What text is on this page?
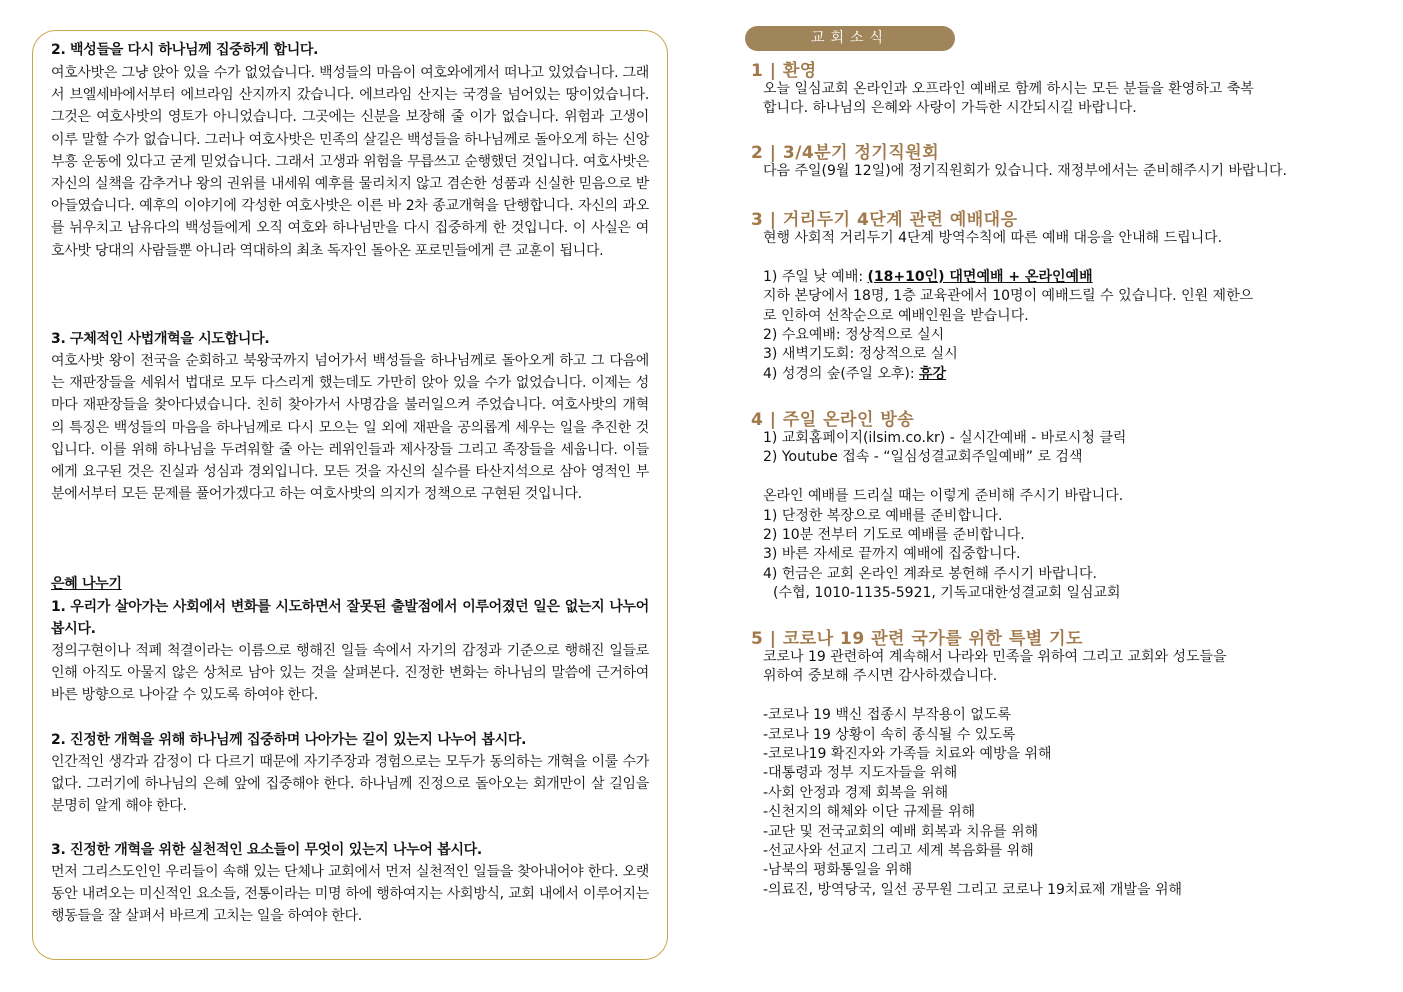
2. 백성들을 다시 하나님께 집중하게 합니다.

여호사밧은 그냥 앉아 있을 수가 없었습니다. 백성들의 마음이 여호와에게서 떠나고 있었습니다. 그래서 브엘세바에서부터 에브라임 산지까지 갔습니다. 에브라임 산지는 국경을 넘어있는 땅이었습니다. 그것은 여호사밧의 영토가 아니었습니다. 그곳에는 신분을 보장해 줄 이가 없습니다. 위험과 고생이 이루 말할 수가 없습니다. 그러나 여호사밧은 민족의 살길은 백성들을 하나님께로 돌아오게 하는 신앙 부흥 운동에 있다고 굳게 믿었습니다. 그래서 고생과 위험을 무릅쓰고 순행했던 것입니다. 여호사밧은 자신의 실책을 감추거나 왕의 권위를 내세워 예후를 물리치지 않고 겸손한 성품과 신실한 믿음으로 받아들였습니다. 예후의 이야기에 각성한 여호사밧은 이른 바 2차 종교개혁을 단행합니다. 자신의 과오를 뉘우치고 남유다의 백성들에게 오직 여호와 하나님만을 다시 집중하게 한 것입니다. 이 사실은 여호사밧 당대의 사람들뿐 아니라 역대하의 최초 독자인 돌아온 포로민들에게 큰 교훈이 됩니다.

3. 구체적인 사법개혁을 시도합니다.

여호사밧 왕이 전국을 순회하고 북왕국까지 넘어가서 백성들을 하나님께로 돌아오게 하고 그 다음에는 재판장들을 세워서 법대로 모두 다스리게 했는데도 가만히 앉아 있을 수가 없었습니다. 이제는 성마다 재판장들을 찾아다녔습니다. 친히 찾아가서 사명감을 불러일으켜 주었습니다. 여호사밧의 개혁의 특징은 백성들의 마음을 하나님께로 다시 모으는 일 외에 재판을 공의롭게 세우는 일을 추진한 것입니다. 이를 위해 하나님을 두려워할 줄 아는 레위인들과 제사장들 그리고 족장들을 세웁니다. 이들에게 요구된 것은 진실과 성심과 경외입니다. 모든 것을 자신의 실수를 타산지석으로 삼아 영적인 부분에서부터 모든 문제를 풀어가겠다고 하는 여호사밧의 의지가 정책으로 구현된 것입니다.

은혜 나누기

1. 우리가 살아가는 사회에서 변화를 시도하면서 잘못된 출발점에서 이루어졌던 일은 없는지 나누어 봅시다.

정의구현이나 적폐 척결이라는 이름으로 행해진 일들 속에서 자기의 감정과 기준으로 행해진 일들로 인해 아직도 아물지 않은 상처로 남아 있는 것을 살펴본다. 진정한 변화는 하나님의 말씀에 근거하여 바른 방향으로 나아갈 수 있도록 하여야 한다.

2. 진정한 개혁을 위해 하나님께 집중하며 나아가는 길이 있는지 나누어 봅시다.

인간적인 생각과 감정이 다 다르기 때문에 자기주장과 경험으로는 모두가 동의하는 개혁을 이룰 수가 없다. 그러기에 하나님의 은혜 앞에 집중해야 한다. 하나님께 진정으로 돌아오는 회개만이 살 길임을 분명히 알게 해야 한다.

3. 진정한 개혁을 위한 실천적인 요소들이 무엇이 있는지 나누어 봅시다.

먼저 그리스도인인 우리들이 속해 있는 단체나 교회에서 먼저 실천적인 일들을 찾아내어야 한다. 오랫동안 내려오는 미신적인 요소들, 전통이라는 미명 하에 행하여지는 사회방식, 교회 내에서 이루어지는 행동들을 잘 살펴서 바르게 고치는 일을 하여야 한다.

교회소식

1 | 환영

오늘 일심교회 온라인과 오프라인 예배로 함께 하시는 모든 분들을 환영하고 축복
합니다. 하나님의 은혜와 사랑이 가득한 시간되시길 바랍니다.

2 | 3/4분기 정기직원회

다음 주일(9월 12일)에 정기직원회가 있습니다. 재정부에서는 준비해주시기 바랍니다.

3 | 거리두기 4단계 관련 예배대응

현행 사회적 거리두기 4단계 방역수칙에 따른 예배 대응을 안내해 드립니다.

1) 주일 낮 예배: (18+10인) 대면예배 + 온라인예배
지하 본당에서 18명, 1층 교육관에서 10명이 예배드릴 수 있습니다. 인원 제한으
로 인하여 선착순으로 예배인원을 받습니다.
2) 수요예배: 정상적으로 실시
3) 새벽기도회: 정상적으로 실시
4) 성경의 숲(주일 오후): 휴강

4 | 주일 온라인 방송

1) 교회홈페이지(ilsim.co.kr) - 실시간예배 - 바로시청 클릭
2) Youtube 접속 - “일심성결교회주일예배” 로 검색

온라인 예배를 드리실 때는 이렇게 준비해 주시기 바랍니다.
1) 단정한 복장으로 예배를 준비합니다.
2) 10분 전부터 기도로 예배를 준비합니다.
3) 바른 자세로 끝까지 예배에 집중합니다.
4) 헌금은 교회 온라인 계좌로 봉헌해 주시기 바랍니다.
(수협, 1010-1135-5921, 기독교대한성결교회 일심교회

5 | 코로나 19 관련 국가를 위한 특별 기도

코로나 19 관련하여 계속해서 나라와 민족을 위하여 그리고 교회와 성도들을
위하여 중보해 주시면 감사하겠습니다.

-코로나 19 백신 접종시 부작용이 없도록
-코로나 19 상황이 속히 종식될 수 있도록
-코로나19 확진자와 가족들 치료와 예방을 위해
-대통령과 정부 지도자들을 위해
-사회 안정과 경제 회복을 위해
-신천지의 해체와 이단 규제를 위해
-교단 및 전국교회의 예배 회복과 치유를 위해
-선교사와 선교지 그리고 세계 복음화를 위해
-남북의 평화통일을 위해
-의료진, 방역당국, 일선 공무원 그리고 코로나 19치료제 개발을 위해
